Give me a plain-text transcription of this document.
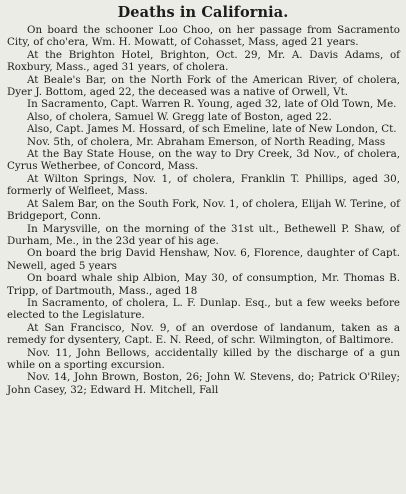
Deaths in California.

On board the schooner Loo Choo, on her passage from Sacramento City, of cho'era, Wm. H. Mowatt, of Cohasset, Mass, aged 21 years.

At the Brighton Hotel, Brighton, Oct. 29, Mr. A. Davis Adams, of Roxbury, Mass., aged 31 years, of cholera.

At Beale's Bar, on the North Fork of the American River, of cholera, Dyer J. Bottom, aged 22, the deceased was a native of Orwell, Vt.

In Sacramento, Capt. Warren R. Young, aged 32, late of Old Town, Me.

Also, of cholera, Samuel W. Gregg late of Boston, aged 22.

Also, Capt. James M. Hossard, of sch Emeline, late of New London, Ct.

Nov. 5th, of cholera, Mr. Abraham Emerson, of North Reading, Mass

At the Bay State House, on the way to Dry Creek, 3d Nov., of cholera, Cyrus Wetherbee, of Concord, Mass.

At Wilton Springs, Nov. 1, of cholera, Franklin T. Phillips, aged 30, formerly of Welfleet, Mass.

At Salem Bar, on the South Fork, Nov. 1, of cholera, Elijah W. Terine, of Bridgeport, Conn.

In Marysville, on the morning of the 31st ult., Bethewell P. Shaw, of Durham, Me., in the 23d year of his age.

On board the brig David Henshaw, Nov. 6, Florence, daughter of Capt. Newell, aged 5 years

On board whale ship Albion, May 30, of consumption, Mr. Thomas B. Tripp, of Dartmouth, Mass., aged 18

In Sacramento, of cholera, L. F. Dunlap. Esq., but a few weeks before elected to the Legislature.

At San Francisco, Nov. 9, of an overdose of landanum, taken as a remedy for dysentery, Capt. E. N. Reed, of schr. Wilmington, of Baltimore.

Nov. 11, John Bellows, accidentally killed by the discharge of a gun while on a sporting excursion.

Nov. 14, John Brown, Boston, 26; John W. Stevens, do; Patrick O'Riley; John Casey, 32; Edward H. Mitchell, Fall
